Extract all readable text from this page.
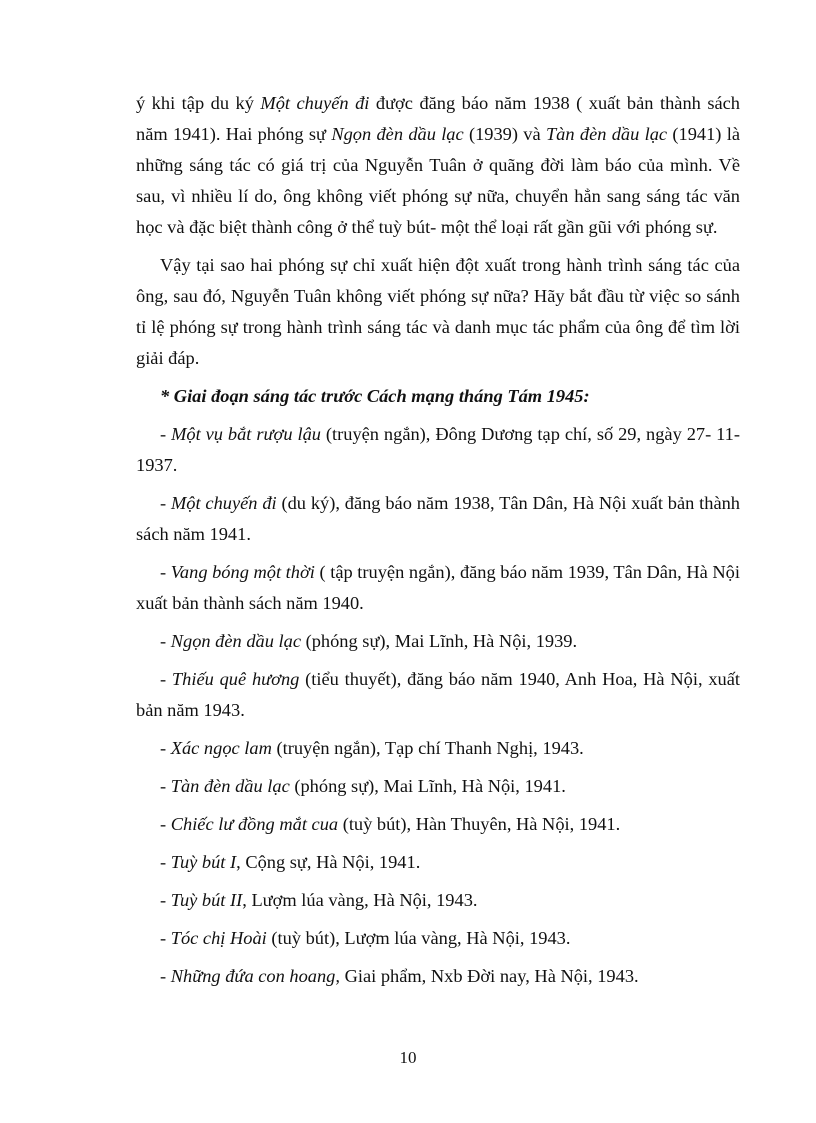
ý khi tập du ký Một chuyến đi được đăng báo năm 1938 ( xuất bản thành sách năm 1941). Hai phóng sự Ngọn đèn dầu lạc (1939) và Tàn đèn dầu lạc (1941) là những sáng tác có giá trị của Nguyễn Tuân ở quãng đời làm báo của mình. Về sau, vì nhiều lí do, ông không viết phóng sự nữa, chuyển hẳn sang sáng tác văn học và đặc biệt thành công ở thể tuỳ bút- một thể loại rất gần gũi với phóng sự.

Vậy tại sao hai phóng sự chỉ xuất hiện đột xuất trong hành trình sáng tác của ông, sau đó, Nguyễn Tuân không viết phóng sự nữa? Hãy bắt đầu từ việc so sánh tỉ lệ phóng sự trong hành trình sáng tác và danh mục tác phẩm của ông để tìm lời giải đáp.

* Giai đoạn sáng tác trước Cách mạng tháng Tám 1945:

- Một vụ bắt rượu lậu (truyện ngắn), Đông Dương tạp chí, số 29, ngày 27- 11- 1937.

- Một chuyến đi (du ký), đăng báo năm 1938, Tân Dân, Hà Nội xuất bản thành sách năm 1941.

- Vang bóng một thời ( tập truyện ngắn), đăng báo năm 1939, Tân Dân, Hà Nội xuất bản thành sách năm 1940.

- Ngọn đèn dầu lạc (phóng sự), Mai Lĩnh, Hà Nội, 1939.

- Thiếu quê hương (tiểu thuyết), đăng báo năm 1940, Anh Hoa, Hà Nội, xuất bản năm 1943.

- Xác ngọc lam (truyện ngắn), Tạp chí Thanh Nghị, 1943.

- Tàn đèn dầu lạc (phóng sự), Mai Lĩnh, Hà Nội, 1941.

- Chiếc lư đồng mắt cua (tuỳ bút), Hàn Thuyên, Hà Nội, 1941.

- Tuỳ bút I, Cộng sự, Hà Nội, 1941.

- Tuỳ bút II, Lượm lúa vàng, Hà Nội, 1943.

- Tóc chị Hoài (tuỳ bút), Lượm lúa vàng, Hà Nội, 1943.

- Những đứa con hoang, Giai phẩm, Nxb Đời nay, Hà Nội, 1943.

10
